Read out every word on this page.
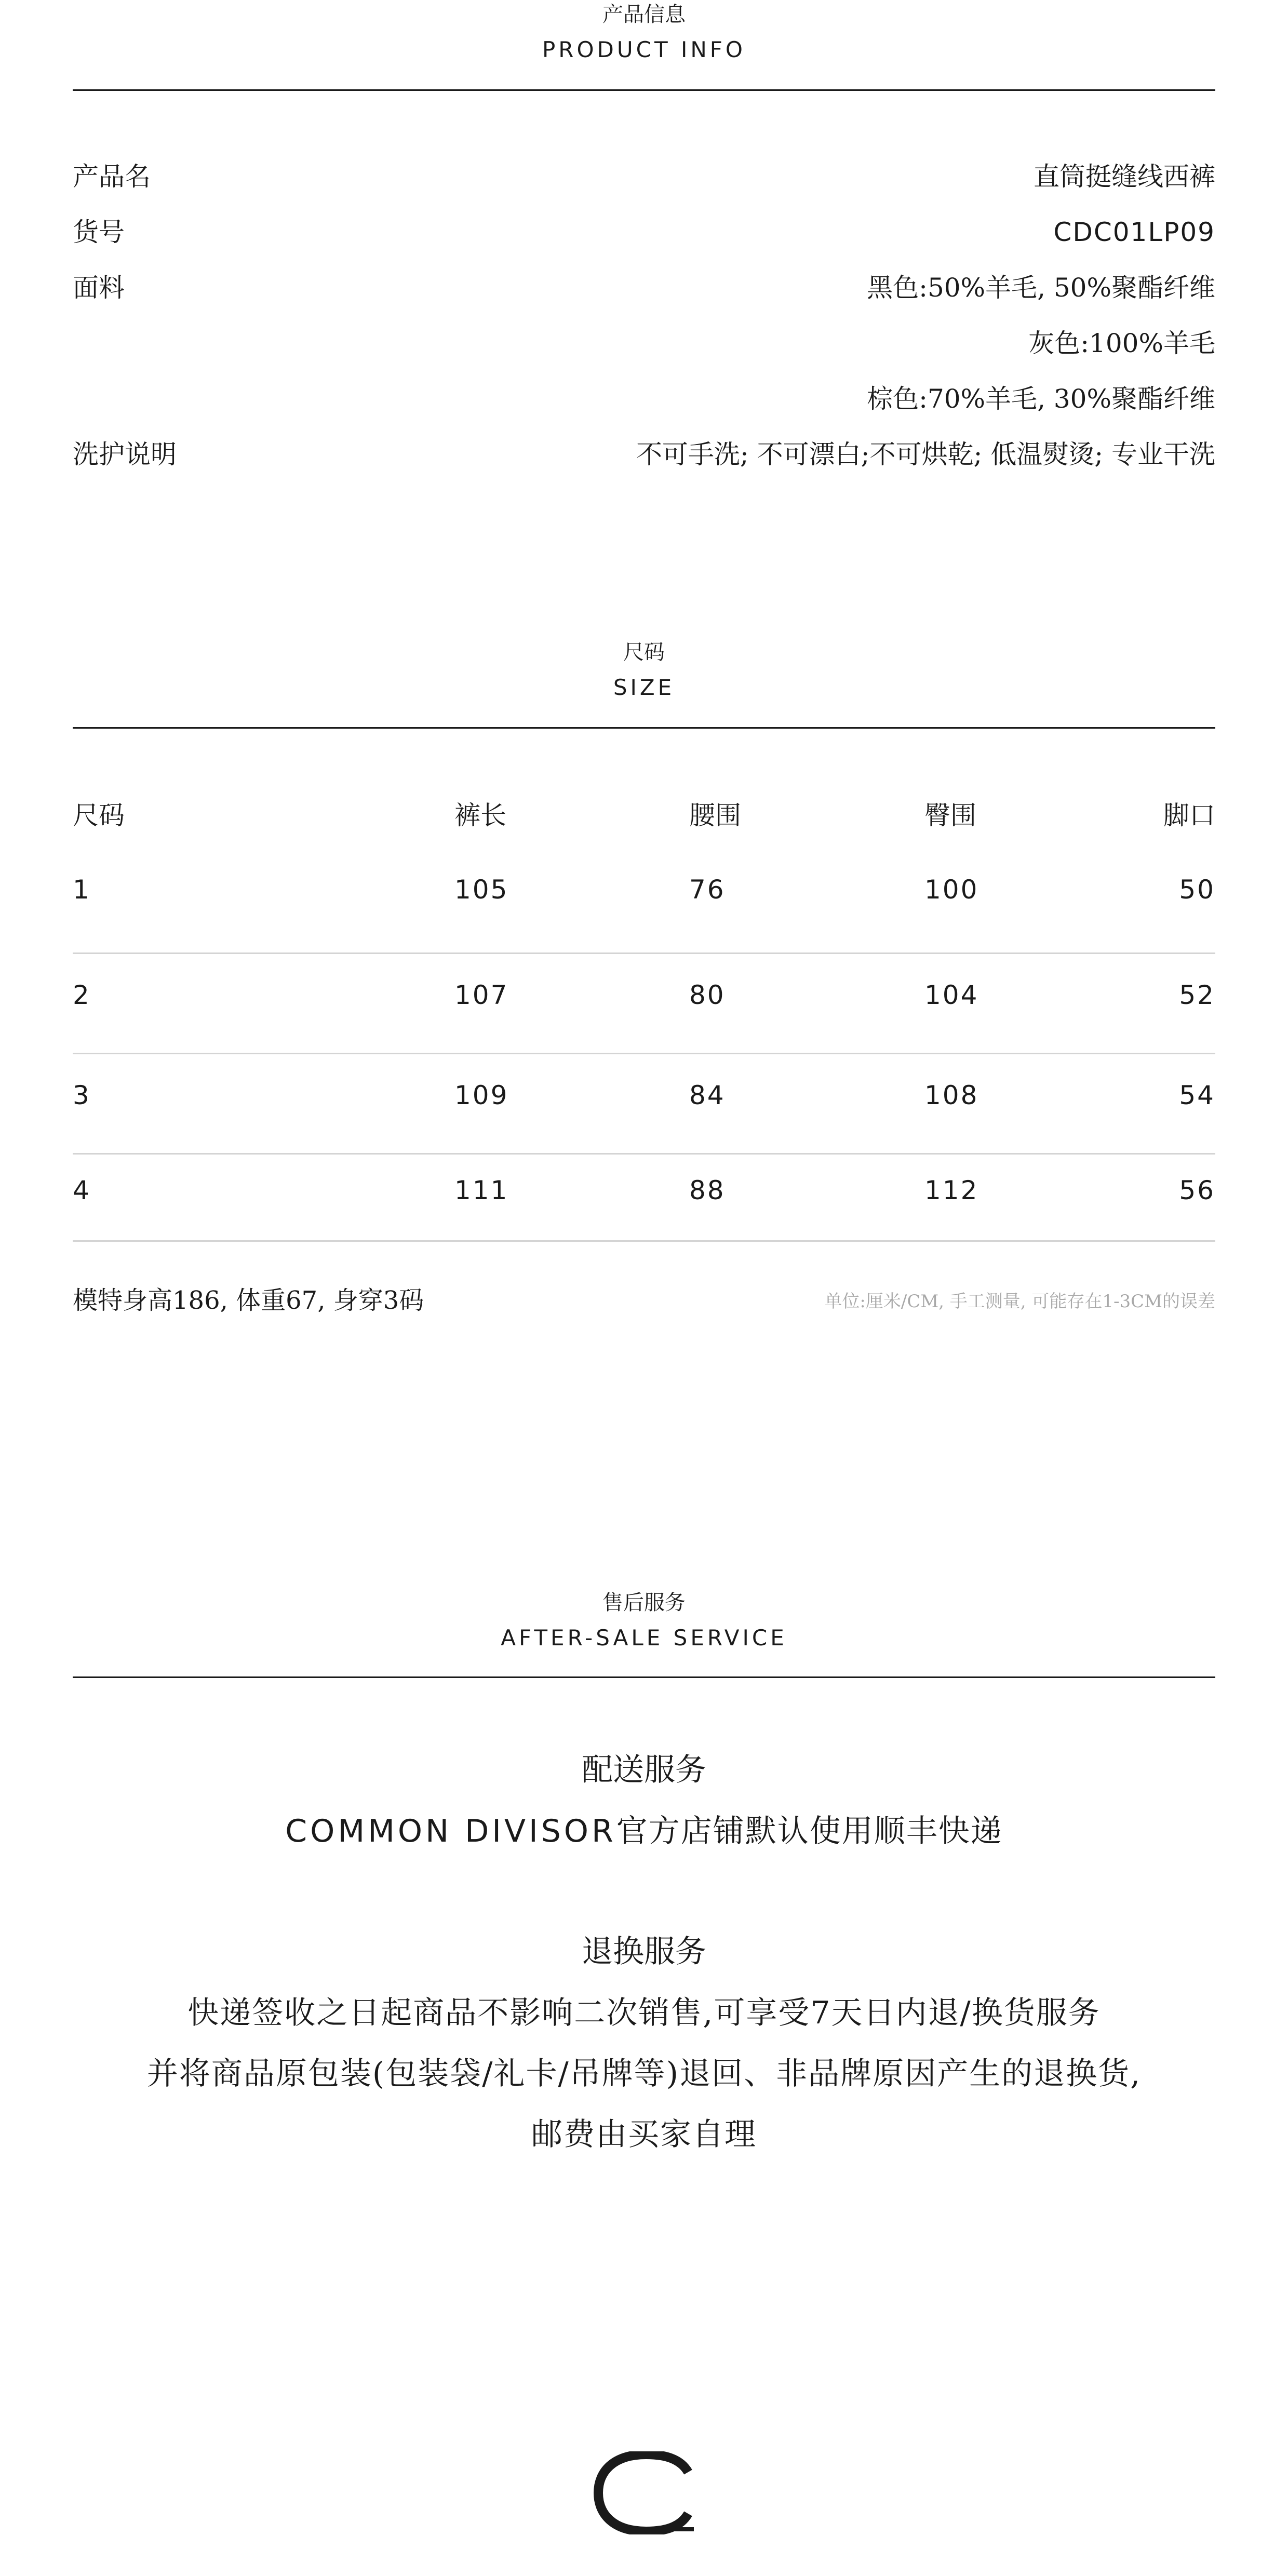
产品信息
PRODUCT INFO
产品名	直筒挺缝线西裤
货号	CDC01LP09
面料	黑色:50%羊毛, 50%聚酯纤维
灰色:100%羊毛
棕色:70%羊毛, 30%聚酯纤维
洗护说明	不可手洗; 不可漂白;不可烘乾; 低温熨烫; 专业干洗
尺码
SIZE
尺码	裤长	腰围	臀围	脚口
1	105	76	100	50
2	107	80	104	52
3	109	84	108	54
4	111	88	112	56
模特身高186, 体重67, 身穿3码	单位:厘米/CM, 手工测量, 可能存在1-3CM的误差
售后服务
AFTER-SALE SERVICE
配送服务
COMMON DIVISOR官方店铺默认使用顺丰快递
退换服务
快递签收之日起商品不影响二次销售,可享受7天日内退/换货服务
并将商品原包装(包装袋/礼卡/吊牌等)退回、非品牌原因产生的退换货,
邮费由买家自理
